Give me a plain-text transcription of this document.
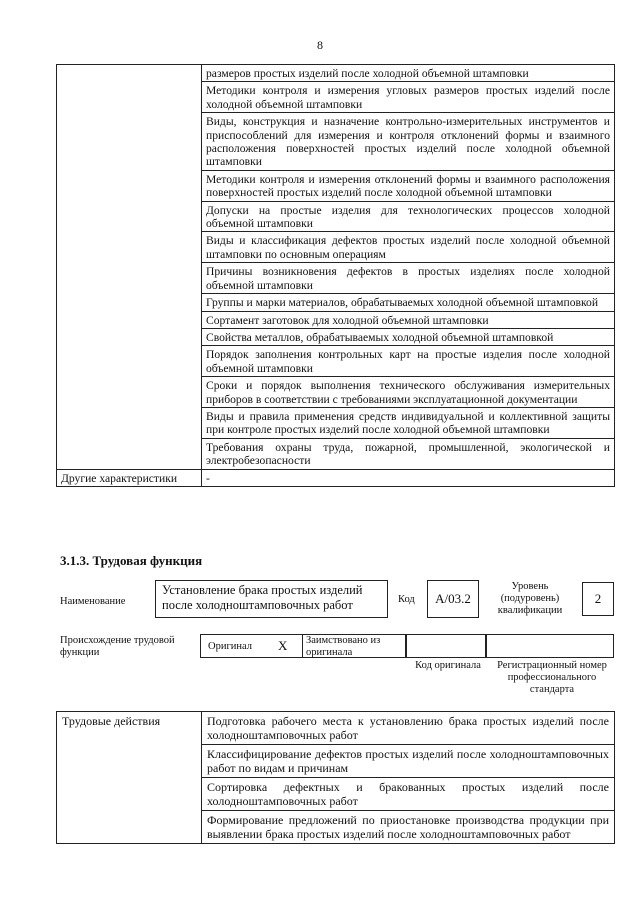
8
	размеров простых изделий после холодной объемной штамповки
	Методики контроля и измерения угловых размеров простых изделий после холодной объемной штамповки
	Виды, конструкция и назначение контрольно-измерительных инструментов и приспособлений для измерения и контроля отклонений формы и взаимного расположения поверхностей простых изделий после холодной объемной штамповки
	Методики контроля и измерения отклонений формы и взаимного расположения поверхностей простых изделий после холодной объемной штамповки
	Допуски на простые изделия для технологических процессов холодной объемной штамповки
	Виды и классификация дефектов простых изделий после холодной объемной штамповки по основным операциям
	Причины возникновения дефектов в простых изделиях после холодной объемной штамповки
	Группы и марки материалов, обрабатываемых холодной объемной штамповкой
	Сортамент заготовок для холодной объемной штамповки
	Свойства металлов, обрабатываемых холодной объемной штамповкой
	Порядок заполнения контрольных карт на простые изделия после холодной объемной штамповки
	Сроки и порядок выполнения технического обслуживания измерительных приборов в соответствии с требованиями эксплуатационной документации
	Виды и правила применения средств индивидуальной и коллективной защиты при контроле простых изделий после холодной объемной штамповки
	Требования охраны труда, пожарной, промышленной, экологической и электробезопасности
Другие характеристики	-
3.1.3. Трудовая функция
Наименование
Установление брака простых изделий после холодноштамповочных работ	Код	А/03.2
Уровень (подуровень) квалификации
2
Происхождение трудовой функции
Оригинал X Заимствовано из оригинала
Код оригинала	Регистрационный номер профессионального стандарта
Трудовые действия	Подготовка рабочего места к установлению брака простых изделий после холодноштамповочных работ
Классифицирование дефектов простых изделий после холодноштамповочных работ по видам и причинам
Сортировка дефектных и бракованных простых изделий после холодноштамповочных работ
Формирование предложений по приостановке производства продукции при выявлении брака простых изделий после холодноштамповочных работ
